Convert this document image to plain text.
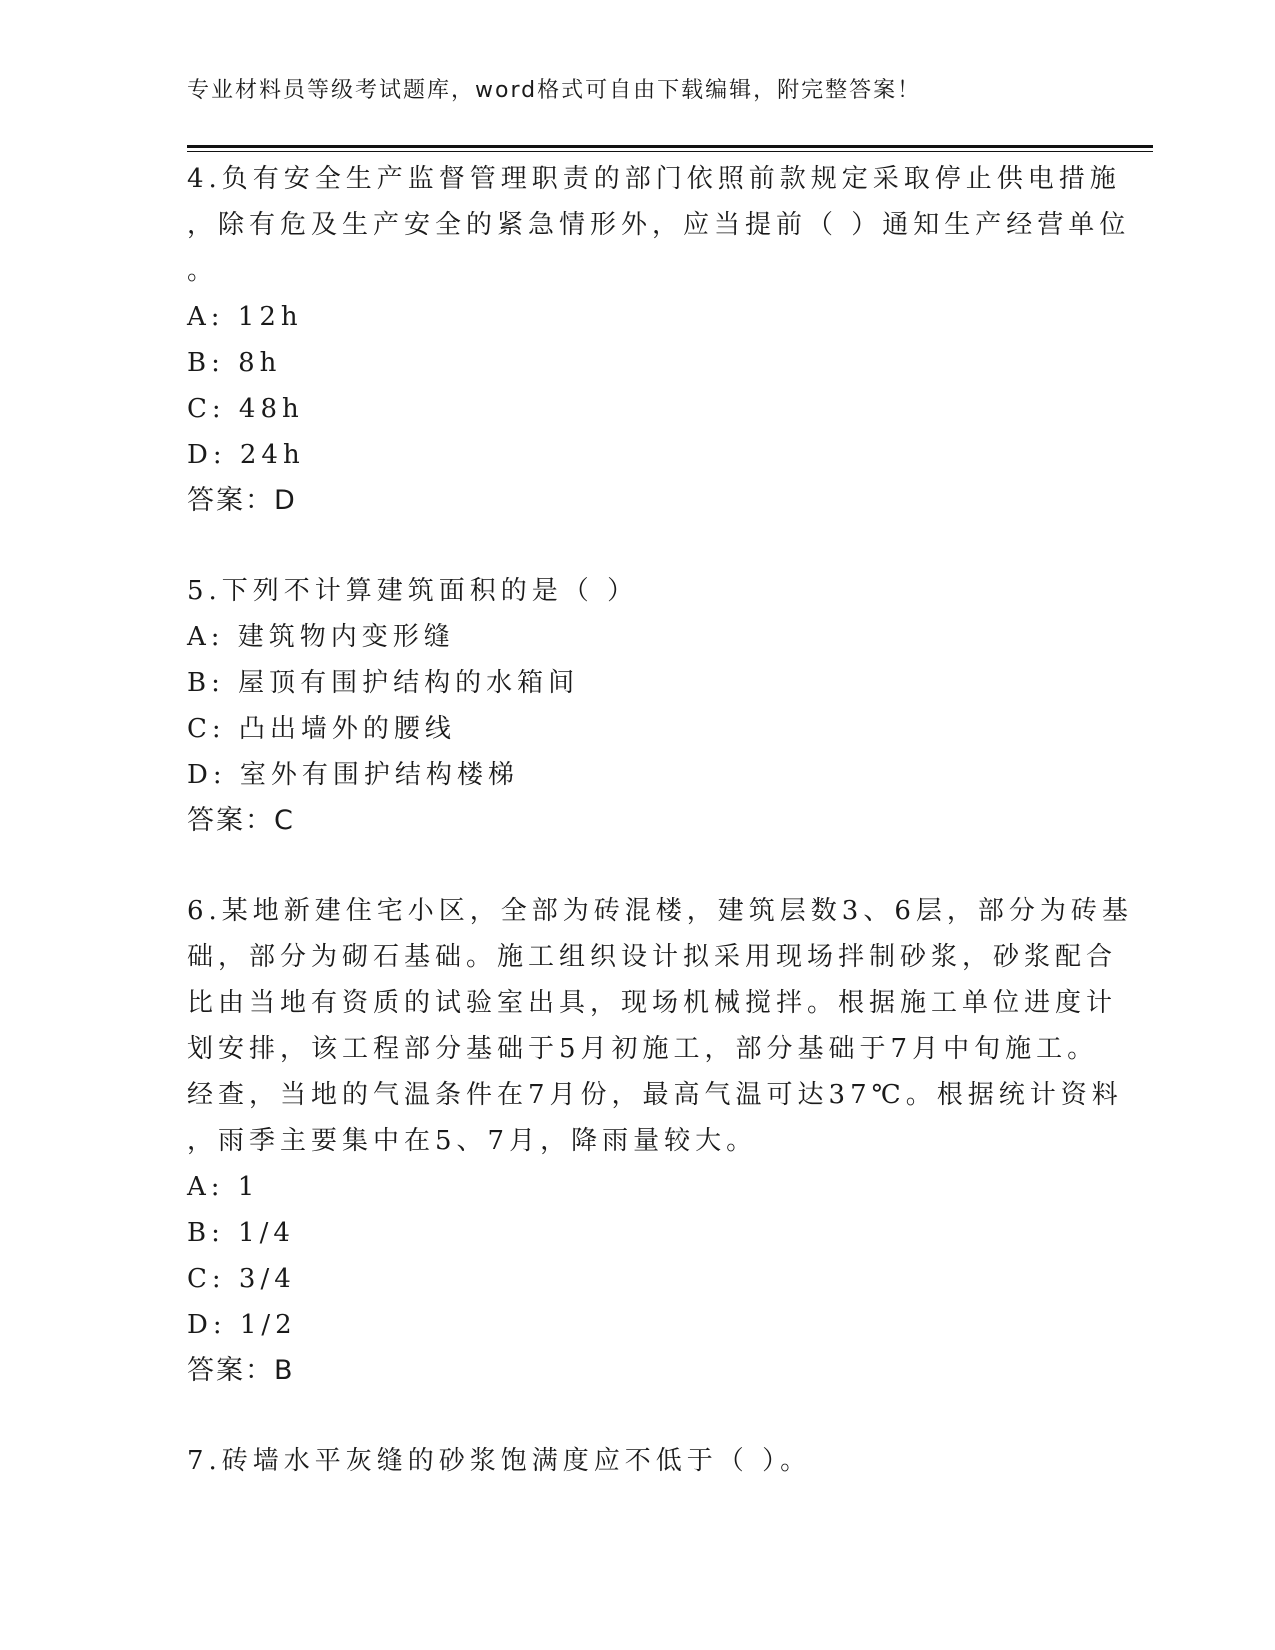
专业材料员等级考试题库，word格式可自由下载编辑，附完整答案！
4.负有安全生产监督管理职责的部门依照前款规定采取停止供电措施
，除有危及生产安全的紧急情形外，应当提前（ ）通知生产经营单位
。
A: 12h
B: 8h
C: 48h
D: 24h
答案：D
5.下列不计算建筑面积的是（ ）
A: 建筑物内变形缝
B: 屋顶有围护结构的水箱间
C: 凸出墙外的腰线
D: 室外有围护结构楼梯
答案：C
6.某地新建住宅小区，全部为砖混楼，建筑层数3、6层，部分为砖基
础，部分为砌石基础。施工组织设计拟采用现场拌制砂浆，砂浆配合
比由当地有资质的试验室出具，现场机械搅拌。根据施工单位进度计
划安排，该工程部分基础于5月初施工，部分基础于7月中旬施工。
经查，当地的气温条件在7月份，最高气温可达37℃。根据统计资料
，雨季主要集中在5、7月，降雨量较大。
A: 1
B: 1/4
C: 3/4
D: 1/2
答案：B
7.砖墙水平灰缝的砂浆饱满度应不低于（ ）。
